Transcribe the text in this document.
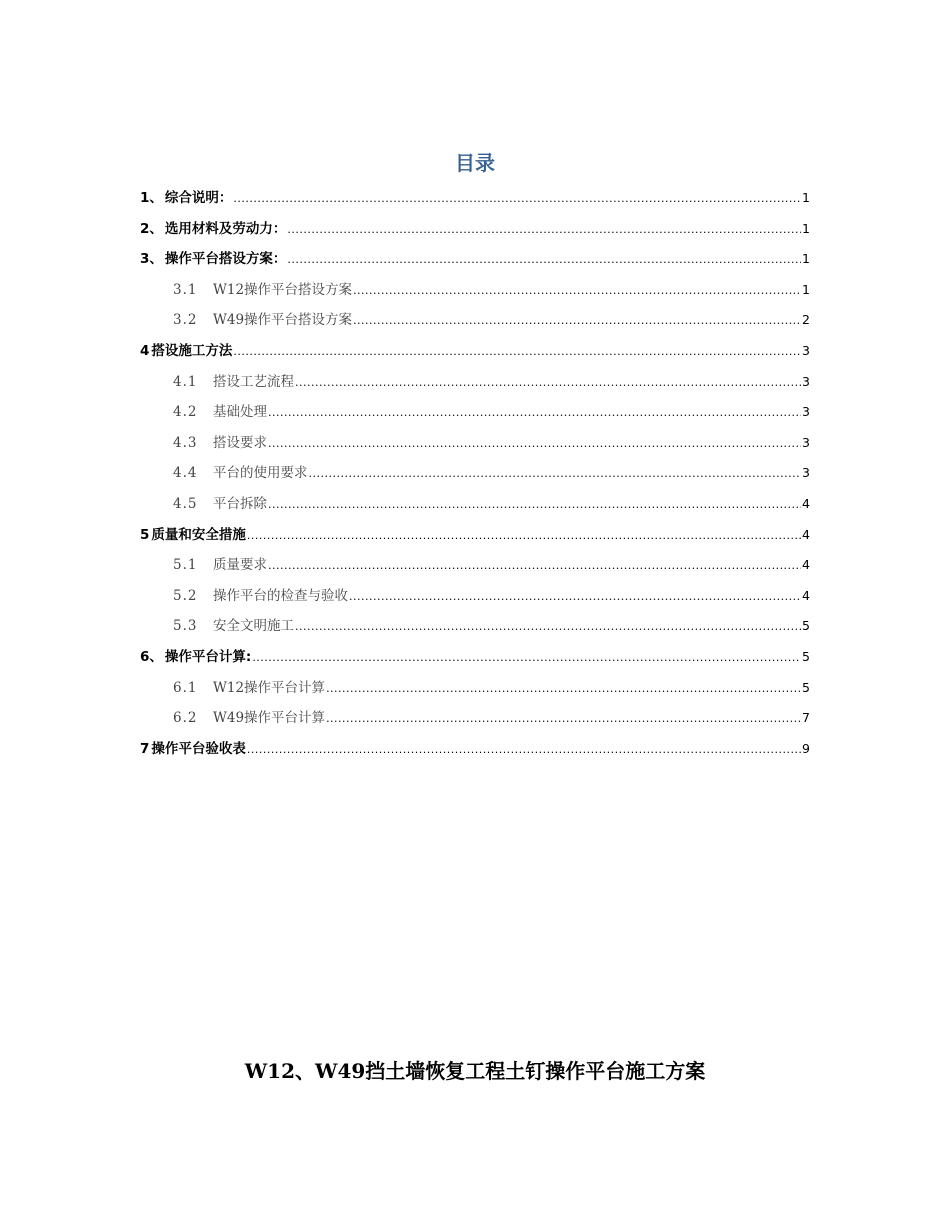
目录
1、 综合说明： .....	1
2、 选用材料及劳动力： .....	1
3、 操作平台搭设方案： .....	1
3.1	W12操作平台搭设方案 .....	1
3.2	W49操作平台搭设方案 .....	2
4 搭设施工方法 .....	3
4.1	搭设工艺流程 .....	3
4.2	基础处理 .....	3
4.3	搭设要求 .....	3
4.4	平台的使用要求 .....	3
4.5	平台拆除 .....	4
5 质量和安全措施 .....	4
5.1	质量要求 .....	4
5.2	操作平台的检查与验收 .....	4
5.3	安全文明施工 .....	5
6、 操作平台计算: .....	5
6.1	W12操作平台计算 .....	5
6.2	W49操作平台计算 .....	7
7 操作平台验收表 .....	9
W12、W49挡土墙恢复工程土钉操作平台施工方案
